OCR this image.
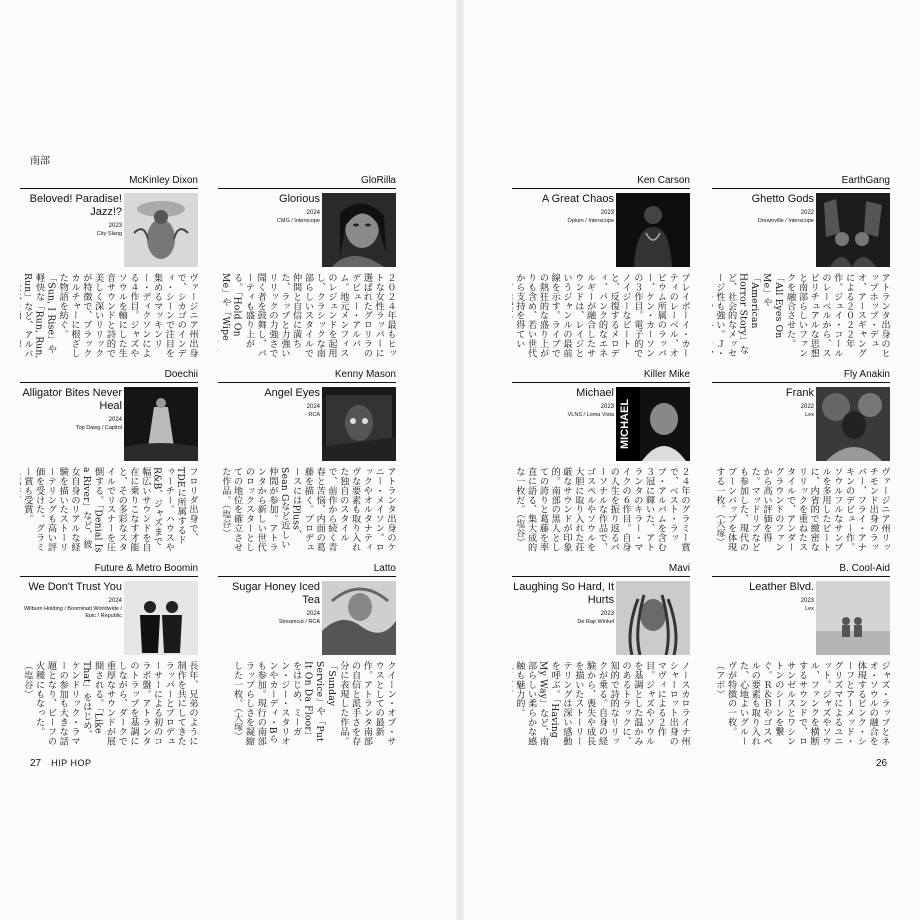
南部
GloRilla
Glorious
2024
CMG / Interscope
２０２４年最もヒットな女性ラッパーに選ばれたグロリラのデビュー・アルバム。地元メンフィスのレジェンドを起用し、クラシックな南部らしいスタイルで仲間と自信に満ちた、ラップと力強いリリックの力強さで聞く者を鼓舞し、パーティも盛り上がる。「Hold On Me」や「Wipe
McKinley Dixon
Beloved! Paradise! Jazz!?
2023
City Slang
ヴァージニア州出身で、シカゴのインディ・シーンで注目を集めるマッキンリー・ディクソンによる４作目。ジャズやソウルを軸にした生音サウンドと詩的で美しく深いリリックが特徴で、ブラックカルチャーに根ざした物語を紡ぐ。「Sun, I Rise」や軽快な「Run, Run, Run」など、アルバ
Kenny Mason
Angel Eyes
2024
RCA
アトランタ出身のケニー・メイソン。ロックやオルタナティヴな要素も取り入れた独自のスタイルで、前作から続く青春と苦悩、内面の葛藤を描く。プロデュースにはPluss、Sean Gなど近しい仲間が参加。アトランタから新しい世代のロックスターとしての地位を確立させた作品。（塩谷）
Doechii
Alligator Bites Never Heal
2024
Top Dawg / Capitol
フロリダ出身で、TDEに所属するドゥーチー。ハウスやR&B、ジャズまで幅広いサウンドを自在に乗りこなす才能と、その多彩なスタイルでリスナーを圧倒する。「Denial Is a River」など、彼女自身のリアルな経験を描いたストーリーテリングも高い評価を受けた。グラミー賞も受賞。
Latto
Sugar Honey Iced Tea
2024
Streamcut / RCA
クイーン・オブ・サウスとしての最新作。アトランタ南部の自信と派手さを存分に表現した作品。「Sunday Service」や「Put It On Da Floor」をはじめ、ミーガン・ジー・スタリオンやカーディ・Bらも参加。現行の南部ラップらしさを凝縮した一枚。（大塚）
Future & Metro Boomin
We Don't Trust You
2024
Wilburn Holding / Boominati Worldwide / Epic / Republic
長年、兄弟のように制作を共にしてきたラッパーとプロデューサーによる初のコラボ盤。アトランタのトラップを基調にしながら、ダークで重厚なサウンドが展開される。「Like That」をはじめ、ケンドリック・ラマーの参加も大きな話題となり、ビーフの火種にもなった。（塩谷）
Ken Carson
A Great Chaos
2023
Opium / Interscope
プレイボーイ・カーティのレーベル、オピウム所属のラッパー、ケン・カーソンの３作目。電子的でノイジーなビートと、反復するメロディ、パンク的なエネルギーが融合したサウンドは、レイジというジャンルの最前線を示す。ライブでの熱狂的な盛り上がりも含め、若い世代から支持を得てい
EarthGang
Ghetto Gods
2022
Dreamville / Interscope
アトランタ出身のヒップホップ・デュオ、アースギャングによる２０２２年作。ジェイ・コールのレーベルから、スピリチュアルな思想と南部らしいファンクを融合させた。「All Eyes On Me」や「American Horror Story」など、社会的なメッセージ性も強い。Ｊ・
Killer Mike
Michael
2023
VLNS / Loma Vista MICHAEL
２４年のグラミー賞で、ベスト・ラップ・アルバムを含む３冠に輝いた、アトランタのキラー・マイクの６作目。自身の人生を振り返るパーソナルな作品で、ゴスペルやソウルを大胆に取り入れた荘厳なサウンドが印象的。南部の黒人としての誇りと葛藤を率直に語る、集大成的な一枚だ。（塩谷）
Fly Anakin
Frank
2022
Lex
ヴァージニア州リッチモンド出身のラッパー、フライ・アナキンのデビュー作。ソウルフルなサンプルを多用したビートに、内省的で緻密なリリックを重ねたスタイルで、アンダーグラウンドのファンから高い評価を得た。マッドリブなども参加した、現代のブーンバップを体現する一枚。（大塚）
Mavi
Laughing So Hard, It Hurts
2023
De Rap Winkel
ノースカロライナ州シャーロット出身のマヴィによる２作目。ジャズやソウルを基調とした温かみのあるトラックに、知的で詩的なリリックが乗る。自身の経験から、喪失や成長を描いたストーリーテリングは深い感動を呼ぶ。「Having My Way」など、南部らしい柔らかな感触も魅力的。
B. Cool-Aid
Leather Blvd.
2023
Lex
ジャズ・ラップとネオ・ソウルの融合を体現するピンク・シーフとアーメッド・グリズマによるユニット。ジャズやソウル、ファンクを横断するサウンドで、ロサンゼルスとワシントンのシーンを繋ぐ。Ｒ＆Ｂやゴスペルの要素も取り入れた、心地よいグルーヴが特徴の一枚。（アボ）
27 HIP HOP	26
